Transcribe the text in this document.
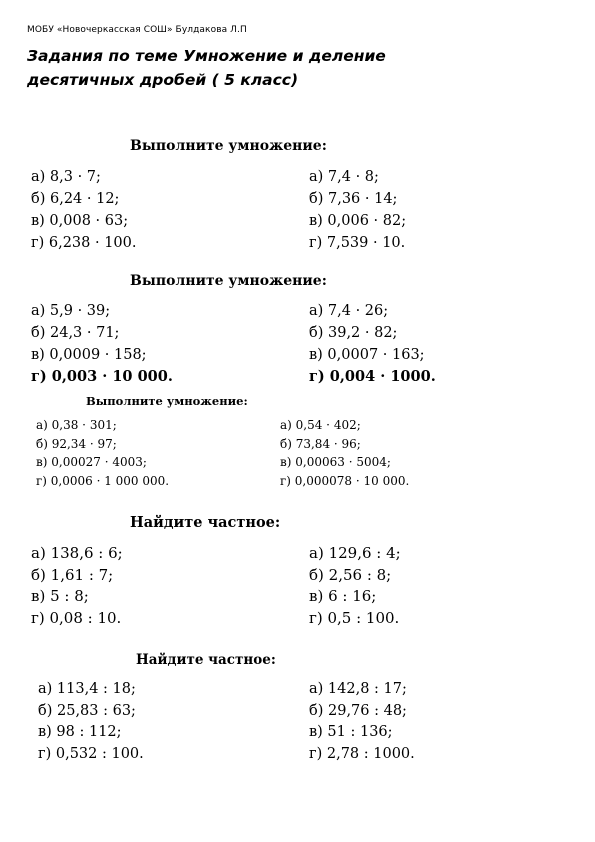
МОБУ «Новочеркасская СОШ» Булдакова Л.П
Задания по теме Умножение и деление
десятичных дробей ( 5 класс)
Выполните умножение:
а) 8,3 · 7;
б) 6,24 · 12;
в) 0,008 · 63;
г) 6,238 · 100.
а) 7,4 · 8;
б) 7,36 · 14;
в) 0,006 · 82;
г) 7,539 · 10.
Выполните умножение:
а) 5,9 · 39;
б) 24,3 · 71;
в) 0,0009 · 158;
г) 0,003 · 10 000.
а) 7,4 · 26;
б) 39,2 · 82;
в) 0,0007 · 163;
г) 0,004 · 1000.
Выполните умножение:
а) 0,38 · 301;
б) 92,34 · 97;
в) 0,00027 · 4003;
г) 0,0006 · 1 000 000.
а) 0,54 · 402;
б) 73,84 · 96;
в) 0,00063 · 5004;
г) 0,000078 · 10 000.
Найдите частное:
а) 138,6 : 6;
б) 1,61 : 7;
в) 5 : 8;
г) 0,08 : 10.
а) 129,6 : 4;
б) 2,56 : 8;
в) 6 : 16;
г) 0,5 : 100.
Найдите частное:
а) 113,4 : 18;
б) 25,83 : 63;
в) 98 : 112;
г) 0,532 : 100.
а) 142,8 : 17;
б) 29,76 : 48;
в) 51 : 136;
г) 2,78 : 1000.
